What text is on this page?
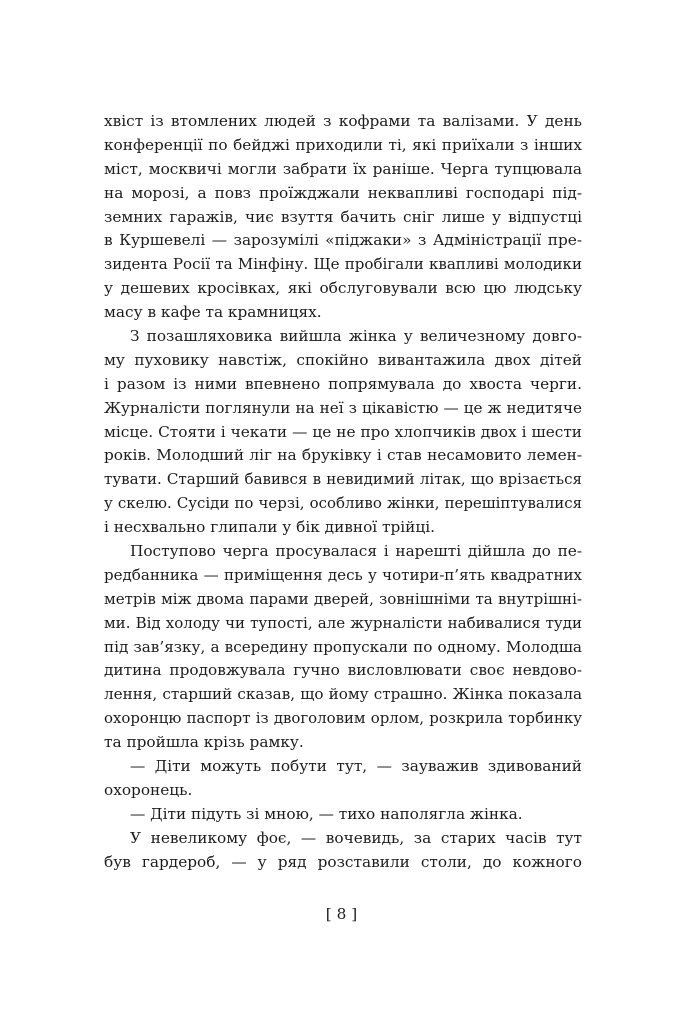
хвіст із втомлених людей з кофрами та валізами. У день
конференції по бейджі приходили ті, які приїхали з інших
міст, москвичі могли забрати їх раніше. Черга тупцювала
на морозі, а повз проїжджали неквапливі господарі під-
земних гаражів, чиє взуття бачить сніг лише у відпустці
в Куршевелі — зарозумілі «піджаки» з Адміністрації пре-
зидента Росії та Мінфіну. Ще пробігали квапливі молодики
у дешевих кросівках, які обслуговували всю цю людську
масу в кафе та крамницях.
З позашляховика вийшла жінка у величезному довго-
му пуховику навстіж, спокійно вивантажила двох дітей
і разом із ними впевнено попрямувала до хвоста черги.
Журналісти поглянули на неї з цікавістю — це ж недитяче
місце. Стояти і чекати — це не про хлопчиків двох і шести
років. Молодший ліг на бруківку і став несамовито лемен-
тувати. Старший бавився в невидимий літак, що врізається
у скелю. Сусіди по черзі, особливо жінки, перешіптувалися
і несхвально глипали у бік дивної трійці.
Поступово черга просувалася і нарешті дійшла до пе-
редбанника — приміщення десь у чотири-п’ять квадратних
метрів між двома парами дверей, зовнішніми та внутрішні-
ми. Від холоду чи тупості, але журналісти набивалися туди
під зав’язку, а всередину пропускали по одному. Молодша
дитина продовжувала гучно висловлювати своє невдово-
лення, старший сказав, що йому страшно. Жінка показала
охоронцю паспорт із двоголовим орлом, розкрила торбинку
та пройшла крізь рамку.
— Діти можуть побути тут, — зауважив здивований
охоронець.
— Діти підуть зі мною, — тихо наполягла жінка.
У невеликому фоє, — вочевидь, за старих часів тут
був гардероб, — у ряд розставили столи, до кожного
[ 8 ]
